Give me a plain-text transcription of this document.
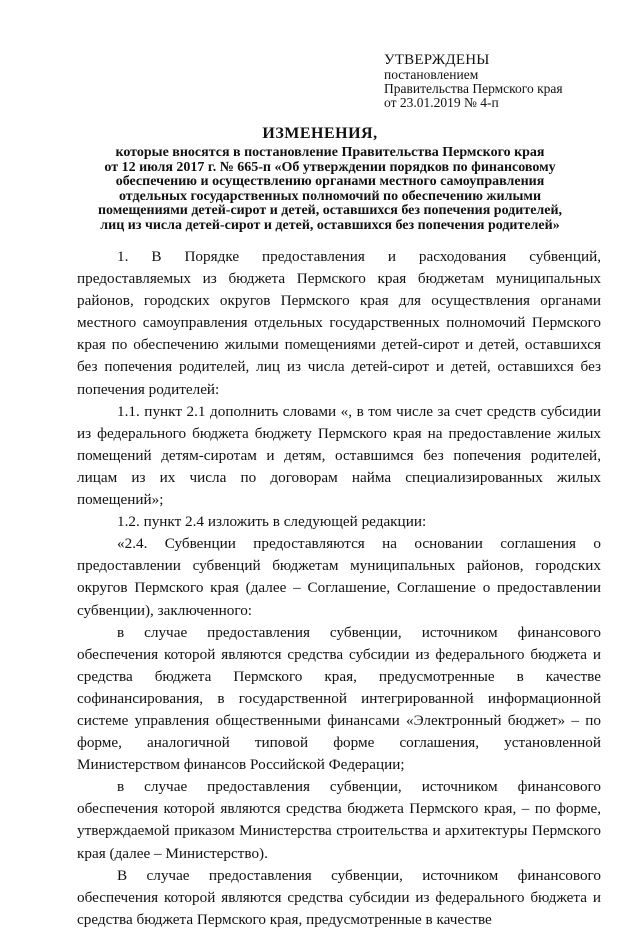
УТВЕРЖДЕНЫ
постановлением
Правительства Пермского края
от 23.01.2019 № 4-п
ИЗМЕНЕНИЯ,
которые вносятся в постановление Правительства Пермского края
от 12 июля 2017 г. № 665-п «Об утверждении порядков по финансовому
обеспечению и осуществлению органами местного самоуправления
отдельных государственных полномочий по обеспечению жилыми
помещениями детей-сирот и детей, оставшихся без попечения родителей,
лиц из числа детей-сирот и детей, оставшихся без попечения родителей»

1. В Порядке предоставления и расходования субвенций, предоставляемых из бюджета Пермского края бюджетам муниципальных районов, городских округов Пермского края для осуществления органами местного самоуправления отдельных государственных полномочий Пермского края по обеспечению жилыми помещениями детей-сирот и детей, оставшихся без попечения родителей, лиц из числа детей-сирот и детей, оставшихся без попечения родителей:

1.1. пункт 2.1 дополнить словами «, в том числе за счет средств субсидии из федерального бюджета бюджету Пермского края на предоставление жилых помещений детям-сиротам и детям, оставшимся без попечения родителей, лицам из их числа по договорам найма специализированных жилых помещений»;

1.2. пункт 2.4 изложить в следующей редакции:

«2.4. Субвенции предоставляются на основании соглашения о предоставлении субвенций бюджетам муниципальных районов, городских округов Пермского края (далее – Соглашение, Соглашение о предоставлении субвенции), заключенного:

в случае предоставления субвенции, источником финансового обеспечения которой являются средства субсидии из федерального бюджета и средства бюджета Пермского края, предусмотренные в качестве софинансирования, в государственной интегрированной информационной системе управления общественными финансами «Электронный бюджет» – по форме, аналогичной типовой форме соглашения, установленной Министерством финансов Российской Федерации;

в случае предоставления субвенции, источником финансового обеспечения которой являются средства бюджета Пермского края, – по форме, утверждаемой приказом Министерства строительства и архитектуры Пермского края (далее – Министерство).

В случае предоставления субвенции, источником финансового обеспечения которой являются средства субсидии из федерального бюджета и средства бюджета Пермского края, предусмотренные в качестве
